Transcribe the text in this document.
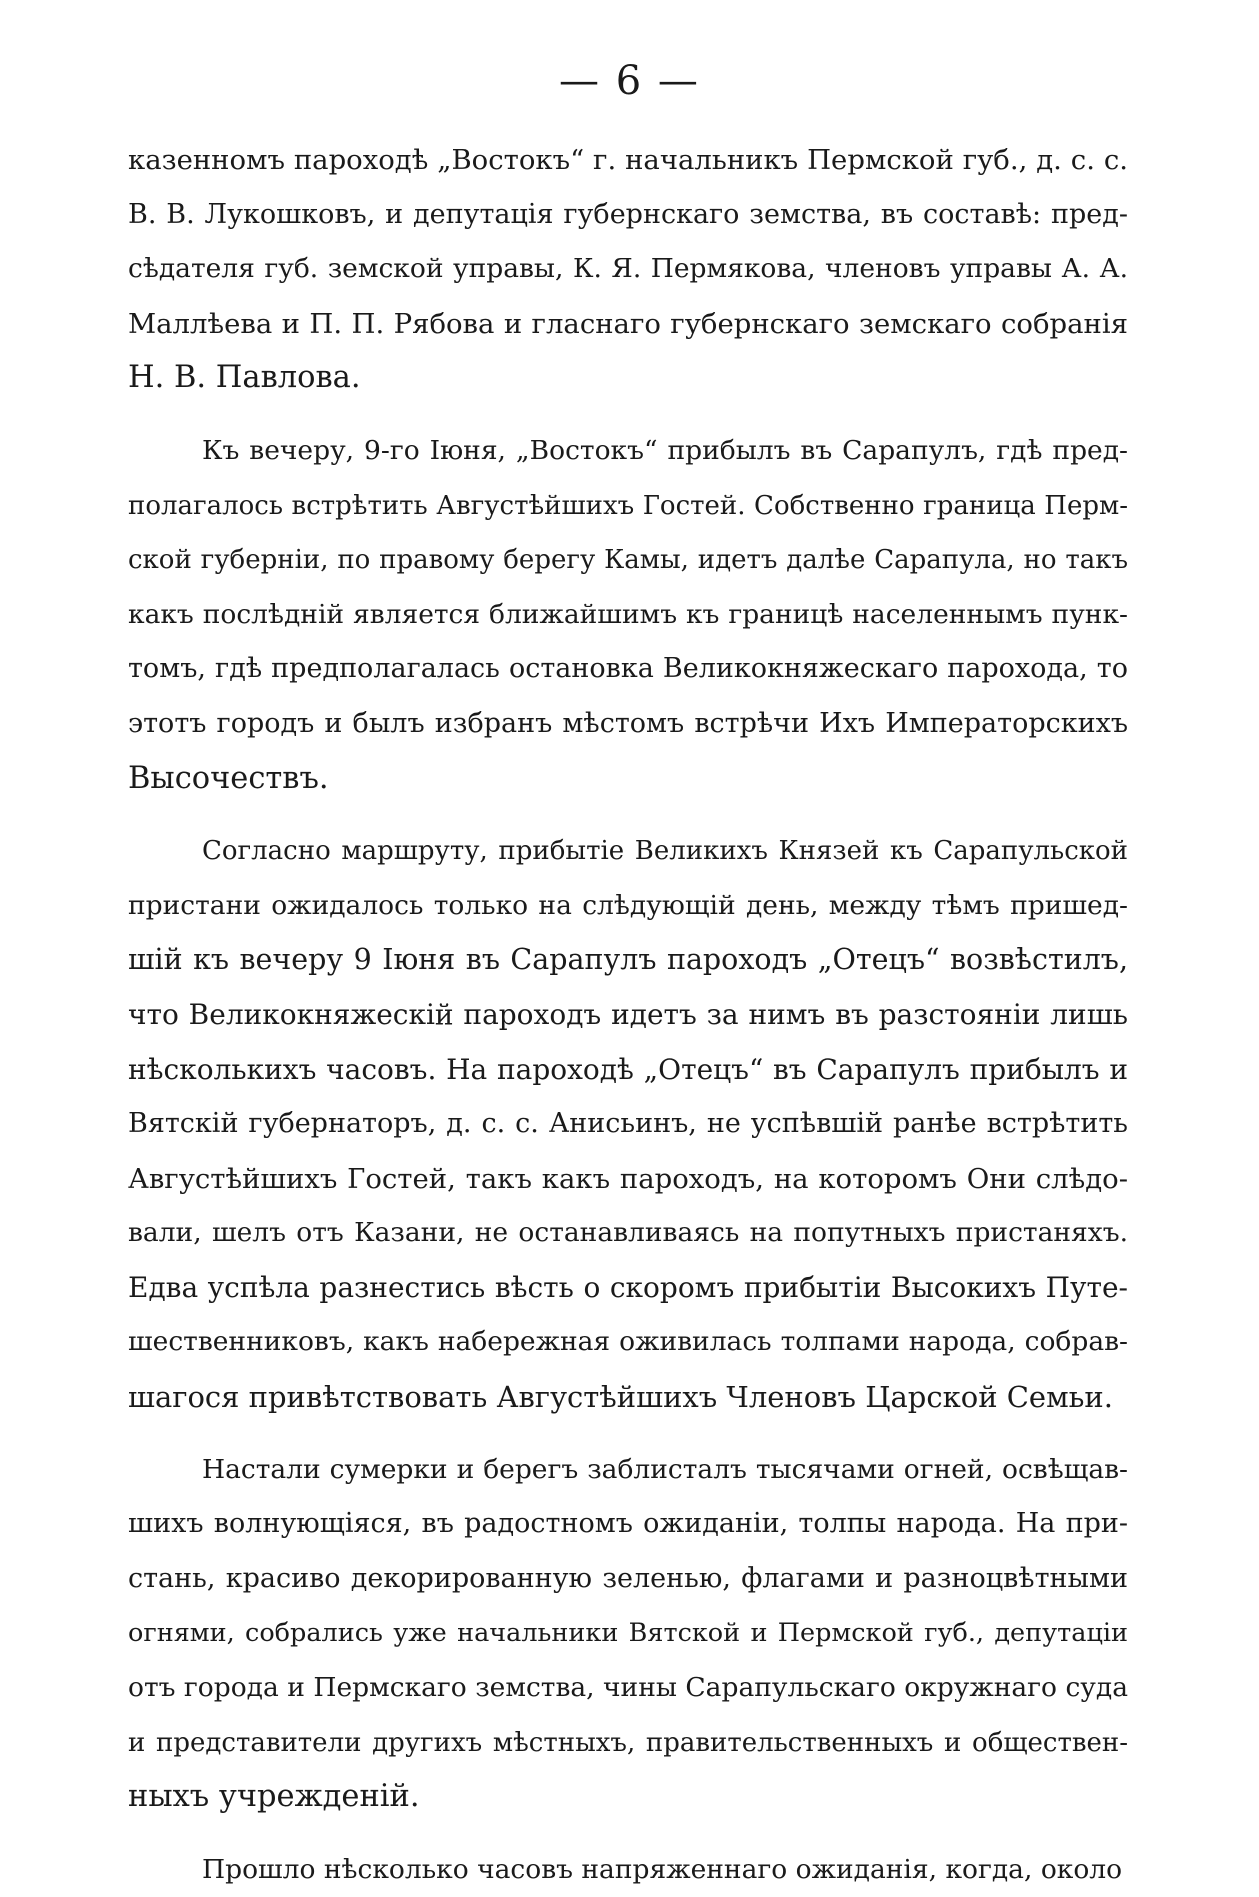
— 6 —
казенномъ пароходѣ „Востокъ“ г. начальникъ Пермской губ., д. с. с.
В. В. Лукошковъ, и депутація губернскаго земства, въ составѣ: пред-
сѣдателя губ. земской управы, К. Я. Пермякова, членовъ управы А. А.
Маллѣева и П. П. Рябова и гласнаго губернскаго земскаго собранія
Н. В. Павлова.
Къ вечеру, 9-го Іюня, „Востокъ“ прибылъ въ Сарапулъ, гдѣ пред-
полагалось встрѣтить Августѣйшихъ Гостей. Собственно граница Перм-
ской губерніи, по правому берегу Камы, идетъ далѣе Сарапула, но такъ
какъ послѣдній является ближайшимъ къ границѣ населеннымъ пунк-
томъ, гдѣ предполагалась остановка Великокняжескаго парохода, то
этотъ городъ и былъ избранъ мѣстомъ встрѣчи Ихъ Императорскихъ
Высочествъ.
Согласно маршруту, прибытіе Великихъ Князей къ Сарапульской
пристани ожидалось только на слѣдующій день, между тѣмъ пришед-
шій къ вечеру 9 Іюня въ Сарапулъ пароходъ „Отецъ“ возвѣстилъ,
что Великокняжескій пароходъ идетъ за нимъ въ разстояніи лишь
нѣсколькихъ часовъ. На пароходѣ „Отецъ“ въ Сарапулъ прибылъ и
Вятскій губернаторъ, д. с. с. Анисьинъ, не успѣвшій ранѣе встрѣтить
Августѣйшихъ Гостей, такъ какъ пароходъ, на которомъ Они слѣдо-
вали, шелъ отъ Казани, не останавливаясь на попутныхъ пристаняхъ.
Едва успѣла разнестись вѣсть о скоромъ прибытіи Высокихъ Путе-
шественниковъ, какъ набережная оживилась толпами народа, собрав-
шагося привѣтствовать Августѣйшихъ Членовъ Царской Семьи.
Настали сумерки и берегъ заблисталъ тысячами огней, освѣщав-
шихъ волнующіяся, въ радостномъ ожиданіи, толпы народа. На при-
стань, красиво декорированную зеленью, флагами и разноцвѣтными
огнями, собрались уже начальники Вятской и Пермской губ., депутаціи
отъ города и Пермскаго земства, чины Сарапульскаго окружнаго суда
и представители другихъ мѣстныхъ, правительственныхъ и обществен-
ныхъ учрежденій.
Прошло нѣсколько часовъ напряженнаго ожиданія, когда, около
